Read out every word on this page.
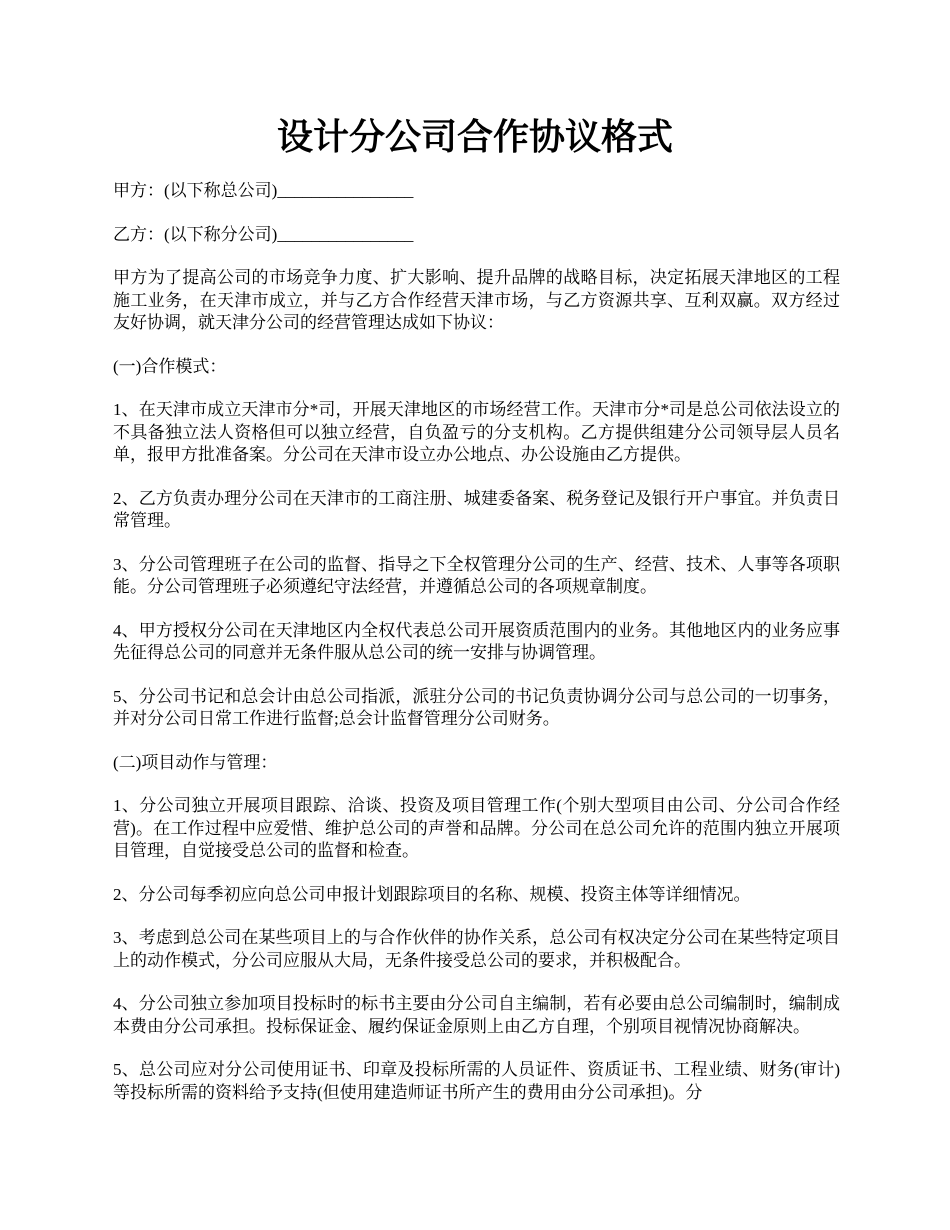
设计分公司合作协议格式

甲方：(以下称总公司)________________

乙方：(以下称分公司)________________

甲方为了提高公司的市场竞争力度、扩大影响、提升品牌的战略目标，决定拓展天津地区的工程施工业务，在天津市成立，并与乙方合作经营天津市场，与乙方资源共享、互利双赢。双方经过友好协调，就天津分公司的经营管理达成如下协议：

(一)合作模式：

1、在天津市成立天津市分*司，开展天津地区的市场经营工作。天津市分*司是总公司依法设立的不具备独立法人资格但可以独立经营，自负盈亏的分支机构。乙方提供组建分公司领导层人员名单，报甲方批准备案。分公司在天津市设立办公地点、办公设施由乙方提供。

2、乙方负责办理分公司在天津市的工商注册、城建委备案、税务登记及银行开户事宜。并负责日常管理。

3、分公司管理班子在公司的监督、指导之下全权管理分公司的生产、经营、技术、人事等各项职能。分公司管理班子必须遵纪守法经营，并遵循总公司的各项规章制度。

4、甲方授权分公司在天津地区内全权代表总公司开展资质范围内的业务。其他地区内的业务应事先征得总公司的同意并无条件服从总公司的统一安排与协调管理。

5、分公司书记和总会计由总公司指派，派驻分公司的书记负责协调分公司与总公司的一切事务，并对分公司日常工作进行监督;总会计监督管理分公司财务。

(二)项目动作与管理：

1、分公司独立开展项目跟踪、洽谈、投资及项目管理工作(个别大型项目由公司、分公司合作经营)。在工作过程中应爱惜、维护总公司的声誉和品牌。分公司在总公司允许的范围内独立开展项目管理，自觉接受总公司的监督和检查。

2、分公司每季初应向总公司申报计划跟踪项目的名称、规模、投资主体等详细情况。

3、考虑到总公司在某些项目上的与合作伙伴的协作关系，总公司有权决定分公司在某些特定项目上的动作模式，分公司应服从大局，无条件接受总公司的要求，并积极配合。

4、分公司独立参加项目投标时的标书主要由分公司自主编制，若有必要由总公司编制时，编制成本费由分公司承担。投标保证金、履约保证金原则上由乙方自理，个别项目视情况协商解决。

5、总公司应对分公司使用证书、印章及投标所需的人员证件、资质证书、工程业绩、财务(审计)等投标所需的资料给予支持(但使用建造师证书所产生的费用由分公司承担)。分
